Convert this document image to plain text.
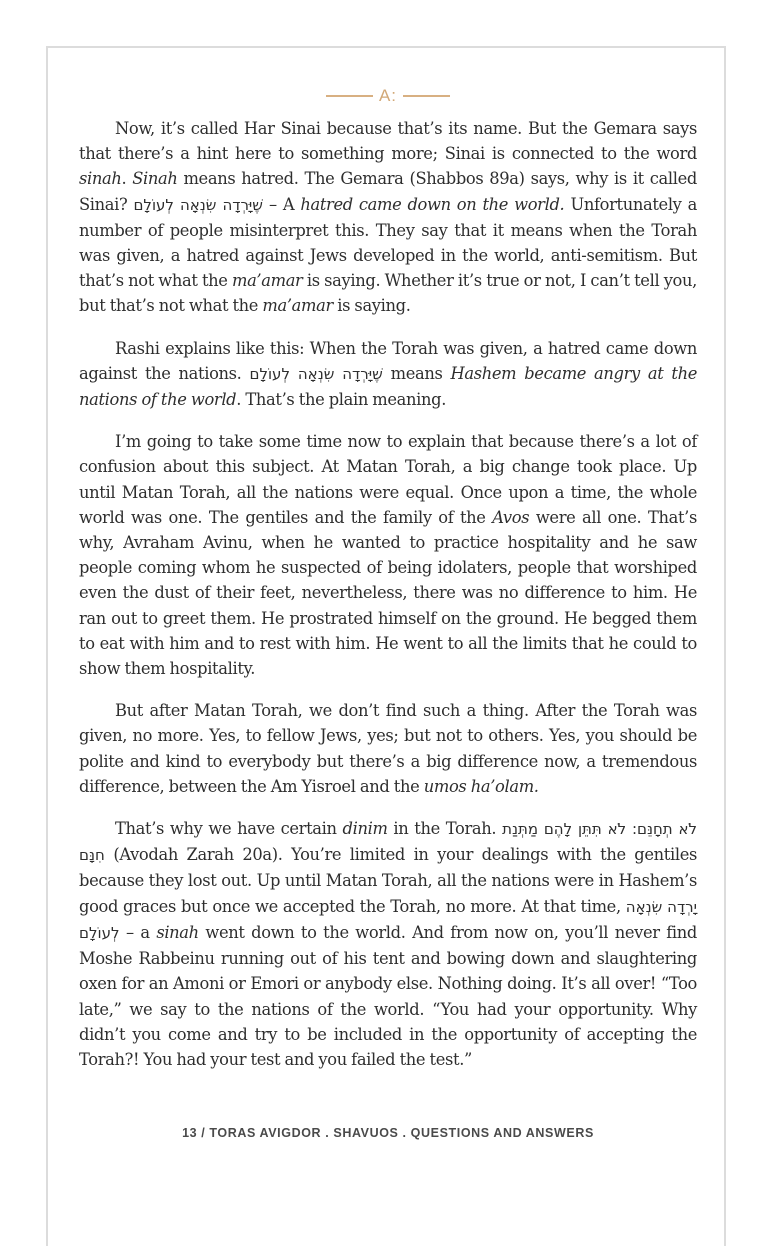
A:

Now, it’s called Har Sinai because that’s its name. But the Gemara says that there’s a hint here to something more; Sinai is connected to the word sinah. Sinah means hatred. The Gemara (Shabbos 89a) says, why is it called Sinai? שֶׁיָּרְדָה שִׂנְאָה לְעוֹלָם – A hatred came down on the world. Unfortunately a number of people misinterpret this. They say that it means when the Torah was given, a hatred against Jews developed in the world, anti-semitism. But that’s not what the ma’amar is saying. Whether it’s true or not, I can’t tell you, but that’s not what the ma’amar is saying.

Rashi explains like this: When the Torah was given, a hatred came down against the nations. שֶׁיָּרְדָה שִׂנְאָה לְעוֹלָם means Hashem became angry at the nations of the world. That’s the plain meaning.

I’m going to take some time now to explain that because there’s a lot of confusion about this subject. At Matan Torah, a big change took place. Up until Matan Torah, all the nations were equal. Once upon a time, the whole world was one. The gentiles and the family of the Avos were all one. That’s why, Avraham Avinu, when he wanted to practice hospitality and he saw people coming whom he suspected of being idolaters, people that worshiped even the dust of their feet, nevertheless, there was no difference to him. He ran out to greet them. He prostrated himself on the ground. He begged them to eat with him and to rest with him. He went to all the limits that he could to show them hospitality.

But after Matan Torah, we don’t find such a thing. After the Torah was given, no more. Yes, to fellow Jews, yes; but not to others. Yes, you should be polite and kind to everybody but there’s a big difference now, a tremendous difference, between the Am Yisroel and the umos ha’olam.

That’s why we have certain dinim in the Torah. לֹא תְחָנֵּם: לֹא תִּתֵּן לָהֶם מַתְּנַת חִנָּם (Avodah Zarah 20a). You’re limited in your dealings with the gentiles because they lost out. Up until Matan Torah, all the nations were in Hashem’s good graces but once we accepted the Torah, no more. At that time, יָרְדָה שִׂנְאָה לְעוֹלָם – a sinah went down to the world. And from now on, you’ll never find Moshe Rabbeinu running out of his tent and bowing down and slaughtering oxen for an Amoni or Emori or anybody else. Nothing doing. It’s all over! “Too late,” we say to the nations of the world. “You had your opportunity. Why didn’t you come and try to be included in the opportunity of accepting the Torah?! You had your test and you failed the test.”

13 / TORAS AVIGDOR . SHAVUOS . QUESTIONS AND ANSWERS
